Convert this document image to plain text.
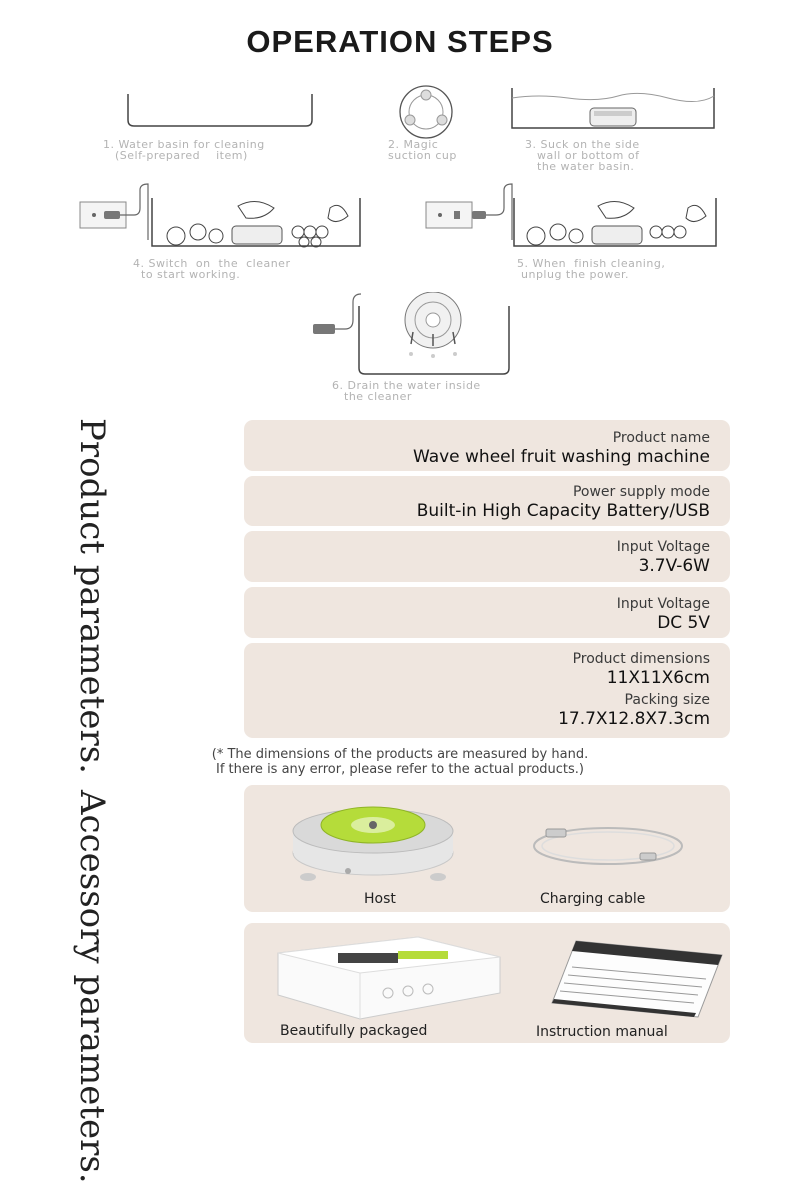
OPERATION STEPS
1. Water basin for cleaning
(Self-prepared    item)
2. Magic
suction cup
3. Suck on the side
wall or bottom of
the water basin.
4. Switch  on  the  cleaner
to start working.
5. When  finish cleaning,
unplug the power.
6. Drain the water inside
the cleaner
Product parameters.	Product name
Wave wheel fruit washing machine
Power supply mode
Built-in High Capacity Battery/USB
Input Voltage
3.7V-6W
Input Voltage
DC 5V
Product dimensions
11X11X6cm
Packing size
17.7X12.8X7.3cm
(* The dimensions of the products are measured by hand.
If there is any error, please refer to the actual products.)
Accessory parameters.	Host	Charging cable
Beautifully packaged	Instruction manual
